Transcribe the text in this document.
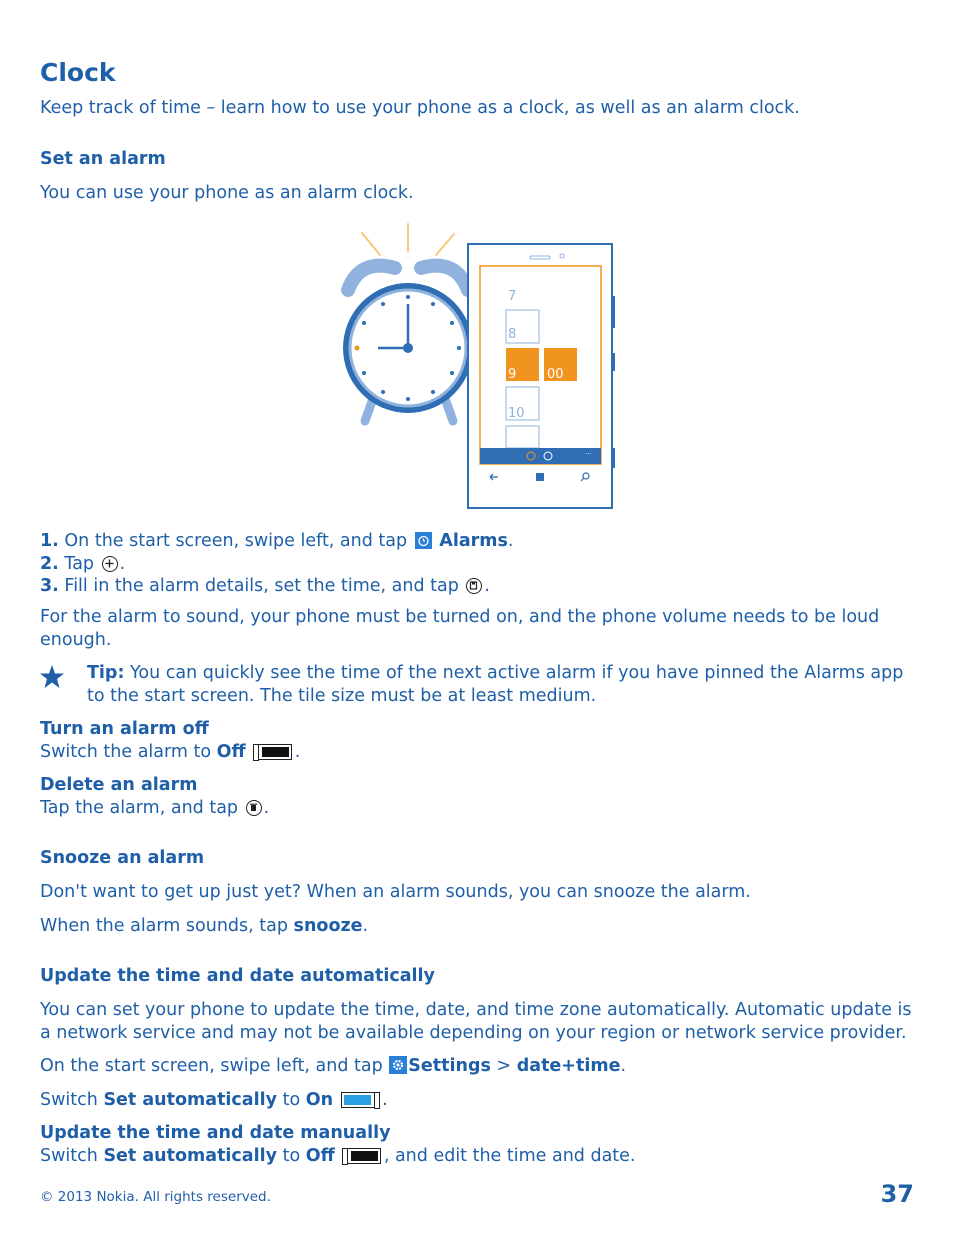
Clock

Keep track of time – learn how to use your phone as a clock, as well as an alarm clock.

Set an alarm

You can use your phone as an alarm clock.

7
8
9 00
10
...
1. On the start screen, swipe left, and tap Alarms.
2. Tap .
3. Fill in the alarm details, set the time, and tap .

For the alarm to sound, your phone must be turned on, and the phone volume needs to be loud enough.

Tip: You can quickly see the time of the next active alarm if you have pinned the Alarms app to the start screen. The tile size must be at least medium.

Turn an alarm off
Switch the alarm to Off	.
Delete an alarm
Tap the alarm, and tap .
Snooze an alarm

Don't want to get up just yet? When an alarm sounds, you can snooze the alarm.

When the alarm sounds, tap snooze.

Update the time and date automatically

You can set your phone to update the time, date, and time zone automatically. Automatic update is a network service and may not be available depending on your region or network service provider.

On the start screen, swipe left, and tap Settings > date+time.

Switch Set automatically to On	.

Update the time and date manually
Switch Set automatically to Off	, and edit the time and date.
© 2013 Nokia. All rights reserved.	37
